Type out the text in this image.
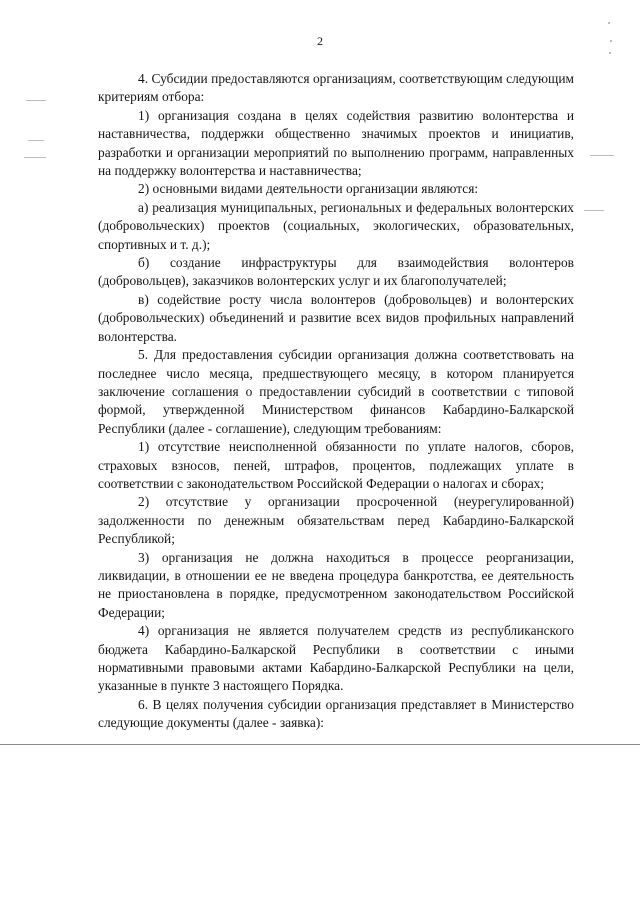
2

4. Субсидии предоставляются организациям, соответствующим следующим критериям отбора:

1) организация создана в целях содействия развитию волонтерства и наставничества, поддержки общественно значимых проектов и инициатив, разработки и организации мероприятий по выполнению программ, направленных на поддержку волонтерства и наставничества;

2) основными видами деятельности организации являются:

а) реализация муниципальных, региональных и федеральных волонтерских (добровольческих) проектов (социальных, экологических, образовательных, спортивных и т. д.);

б) создание инфраструктуры для взаимодействия волонтеров (добровольцев), заказчиков волонтерских услуг и их благополучателей;

в) содействие росту числа волонтеров (добровольцев) и волонтерских (добровольческих) объединений и развитие всех видов профильных направлений волонтерства.

5. Для предоставления субсидии организация должна соответствовать на последнее число месяца, предшествующего месяцу, в котором планируется заключение соглашения о предоставлении субсидий в соответствии с типовой формой, утвержденной Министерством финансов Кабардино-Балкарской Республики (далее - соглашение), следующим требованиям:

1) отсутствие неисполненной обязанности по уплате налогов, сборов, страховых взносов, пеней, штрафов, процентов, подлежащих уплате в соответствии с законодательством Российской Федерации о налогах и сборах;

2) отсутствие у организации просроченной (неурегулированной) задолженности по денежным обязательствам перед Кабардино-Балкарской Республикой;

3) организация не должна находиться в процессе реорганизации, ликвидации, в отношении ее не введена процедура банкротства, ее деятельность не приостановлена в порядке, предусмотренном законодательством Российской Федерации;

4) организация не является получателем средств из республиканского бюджета Кабардино-Балкарской Республики в соответствии с иными нормативными правовыми актами Кабардино-Балкарской Республики на цели, указанные в пункте 3 настоящего Порядка.

6. В целях получения субсидии организация представляет в Министерство следующие документы (далее - заявка):
